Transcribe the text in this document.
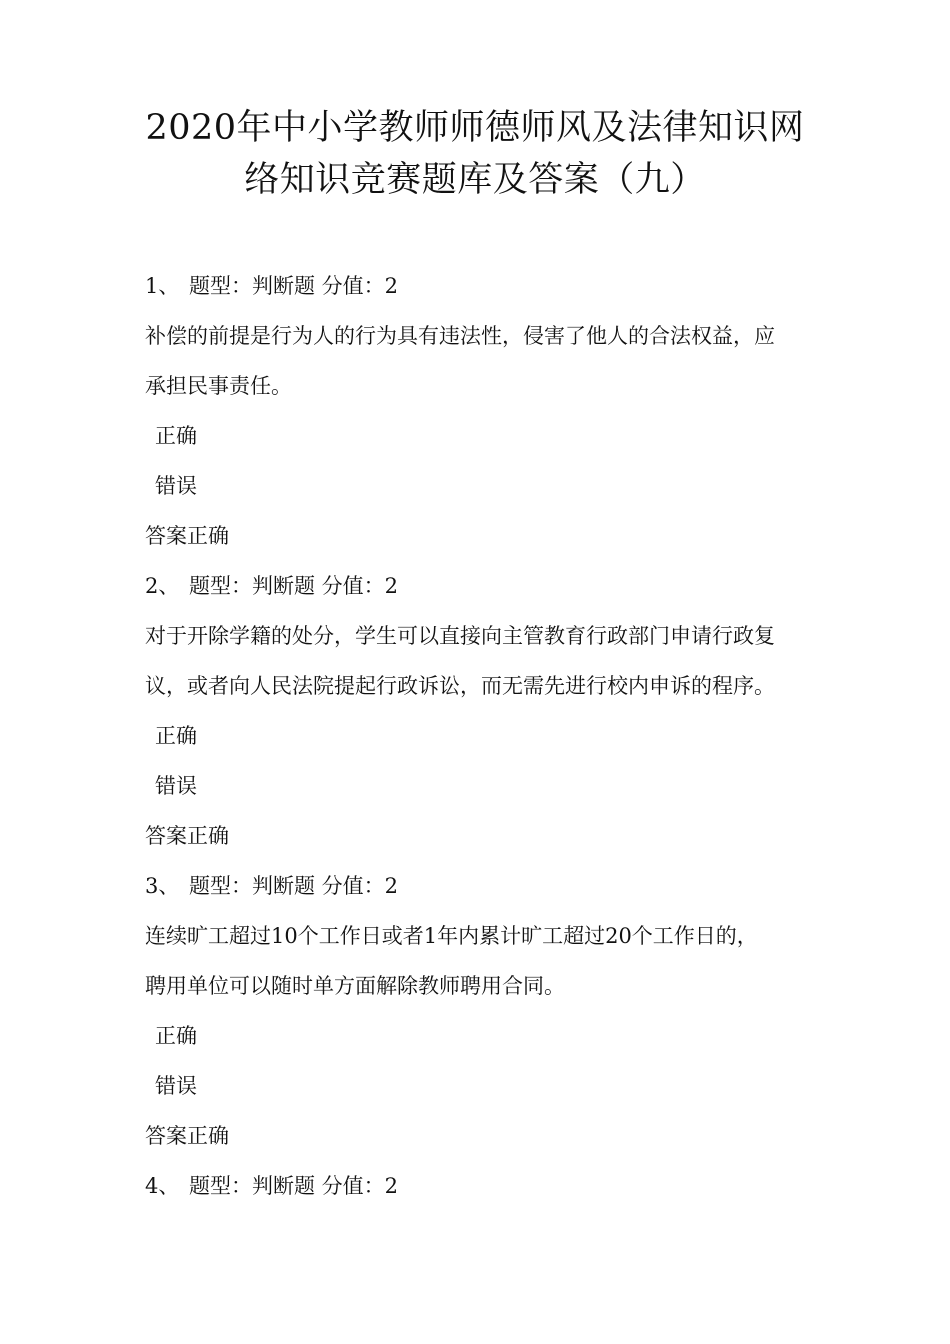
2020年中小学教师师德师风及法律知识网
络知识竞赛题库及答案（九）
1、 题型：判断题 分值：2
补偿的前提是行为人的行为具有违法性，侵害了他人的合法权益，应
承担民事责任。
正确
错误
答案正确
2、 题型：判断题 分值：2
对于开除学籍的处分，学生可以直接向主管教育行政部门申请行政复
议，或者向人民法院提起行政诉讼，而无需先进行校内申诉的程序。
正确
错误
答案正确
3、 题型：判断题 分值：2
连续旷工超过10个工作日或者1年内累计旷工超过20个工作日的，
聘用单位可以随时单方面解除教师聘用合同。
正确
错误
答案正确
4、 题型：判断题 分值：2
